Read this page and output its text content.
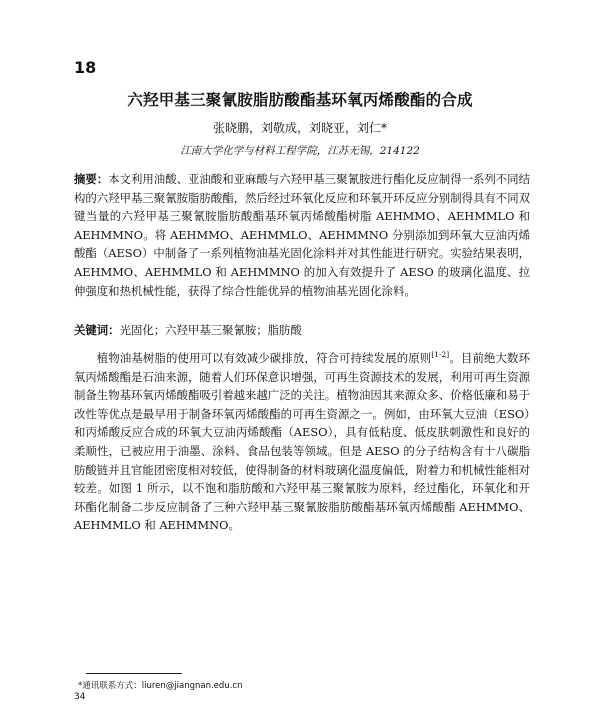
18
六羟甲基三聚氰胺脂肪酸酯基环氧丙烯酸酯的合成
张晓鹏，刘敬成，刘晓亚，刘仁*
江南大学化学与材料工程学院，江苏无锡，214122
摘要：本文利用油酸、亚油酸和亚麻酸与六羟甲基三聚氰胺进行酯化反应制得一系列不同结构的六羟甲基三聚氰胺脂肪酸酯，然后经过环氧化反应和环氧开环反应分别制得具有不同双键当量的六羟甲基三聚氰胺脂肪酸酯基环氧丙烯酸酯树脂 AEHMMO、AEHMMLO 和 AEHMMNO。将 AEHMMO、AEHMMLO、AEHMMNO 分别添加到环氧大豆油丙烯酸酯（AESO）中制备了一系列植物油基光固化涂料并对其性能进行研究。实验结果表明，AEHMMO、AEHMMLO 和 AEHMMNO 的加入有效提升了 AESO 的玻璃化温度、拉伸强度和热机械性能，获得了综合性能优异的植物油基光固化涂料。
关键词：光固化；六羟甲基三聚氰胺；脂肪酸
植物油基树脂的使用可以有效减少碳排放，符合可持续发展的原则[1-2]。目前绝大数环氧丙烯酸酯是石油来源，随着人们环保意识增强，可再生资源技术的发展，利用可再生资源制备生物基环氧丙烯酸酯吸引着越来越广泛的关注。植物油因其来源众多、价格低廉和易于改性等优点是最早用于制备环氧丙烯酸酯的可再生资源之一。例如，由环氧大豆油（ESO）和丙烯酸反应合成的环氧大豆油丙烯酸酯（AESO），具有低粘度、低皮肤刺激性和良好的柔顺性，已被应用于油墨、涂料、食品包装等领域。但是 AESO 的分子结构含有十八碳脂肪酸链并且官能团密度相对较低，使得制备的材料玻璃化温度偏低，附着力和机械性能相对较差。如图 1 所示，以不饱和脂肪酸和六羟甲基三聚氰胺为原料，经过酯化，环氧化和开环酯化制备二步反应制备了三种六羟甲基三聚氰胺脂肪酸酯基环氧丙烯酸酯 AEHMMO、AEHMMLO 和 AEHMMNO。
*通讯联系方式：liuren@jiangnan.edu.cn
34
